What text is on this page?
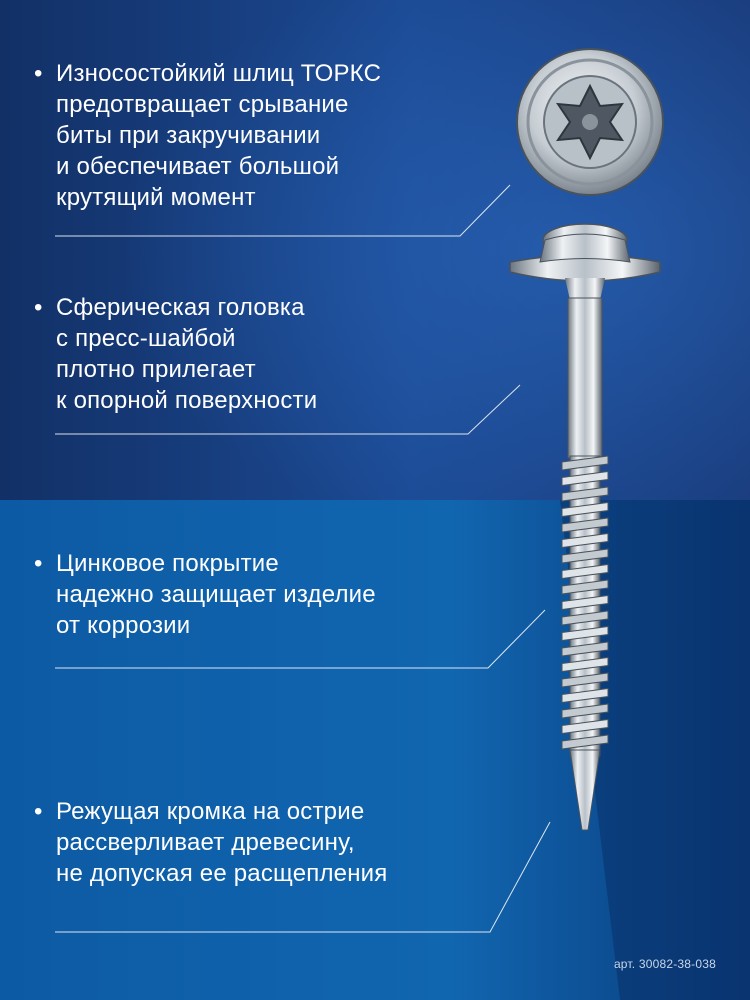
• Износостойкий шлиц ТОРКС
предотвращает срывание
биты при закручивании
и обеспечивает большой
крутящий момент
• Сферическая головка
с пресс-шайбой
плотно прилегает
к опорной поверхности
• Цинковое покрытие
надежно защищает изделие
от коррозии
• Режущая кромка на острие
рассверливает древесину,
не допуская ее расщепления
арт. 30082-38-038
